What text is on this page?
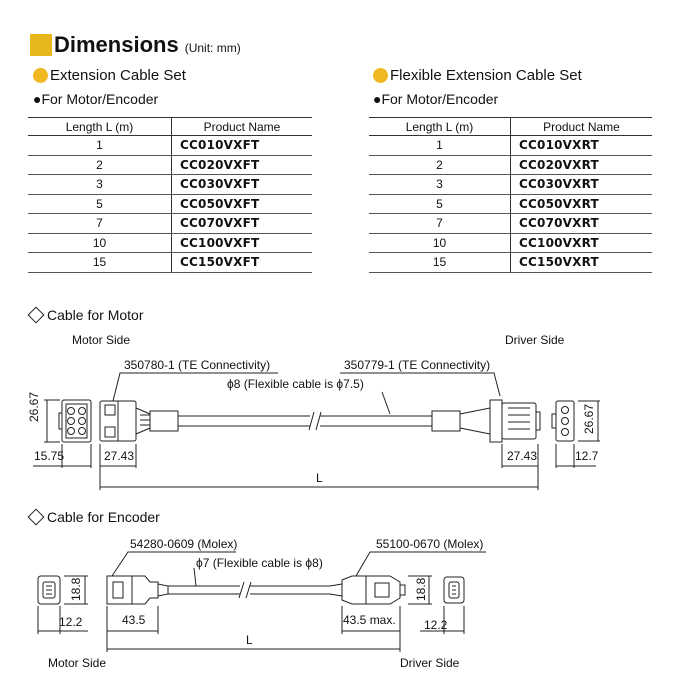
Dimensions (Unit: mm)
Extension Cable Set
●For Motor/Encoder
Length L (m)	Product Name
1	CC010VXFT
2	CC020VXFT
3	CC030VXFT
5	CC050VXFT
7	CC070VXFT
10	CC100VXFT
15	CC150VXFT
Flexible Extension Cable Set
●For Motor/Encoder
Length L (m)	Product Name
1	CC010VXRT
2	CC020VXRT
3	CC030VXRT
5	CC050VXRT
7	CC070VXRT
10	CC100VXRT
15	CC150VXRT
Cable for Motor
Motor Side	Driver Side
350780-1 (TE Connectivity)	350779-1 (TE Connectivity)
ϕ8 (Flexible cable is ϕ7.5)
26.67	26.67
15.75	27.43	27.43	12.7
L
Cable for Encoder
54280-0609 (Molex)	55100-0670 (Molex)
ϕ7 (Flexible cable is ϕ8)
18.8	18.8
12.2	43.5	43.5 max. 12.2
L
Motor Side	Driver Side
